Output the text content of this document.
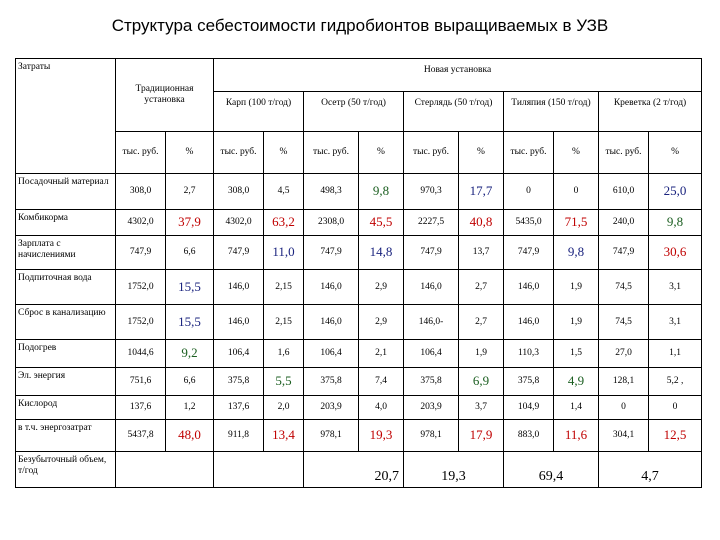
Структура себестоимости гидробионтов выращиваемых в УЗВ
Затраты	Традиционная установка		Новая установка									
			Карп (100 т/год)		Осетр (50 т/год)		Стерлядь (50 т/год)		Тиляпия (150 т/год)		Креветка (2 т/год)	
	тыс. руб.	%	тыс. руб.	%	тыс. руб.	%	тыс. руб.	%	тыс. руб.	%	тыс. руб.	%
Посадочный материал	308,0	2,7	308,0	4,5	498,3	9,8	970,3	17,7	0	0	610,0	25,0
Комбикорма	4302,0	37,9	4302,0	63,2	2308,0	45,5	2227,5	40,8	5435,0	71,5	240,0	9,8
Зарплата с начислениями	747,9	6,6	747,9	11,0	747,9	14,8	747,9	13,7	747,9	9,8	747,9	30,6
Подпиточная вода	1752,0	15,5	146,0	2,15	146,0	2,9	146,0	2,7	146,0	1,9	74,5	3,1
Сброс в канализацию	1752,0	15,5	146,0	2,15	146,0	2,9	146,0-	2,7	146,0	1,9	74,5	3,1
Подогрев	1044,6	9,2	106,4	1,6	106,4	2,1	106,4	1,9	110,3	1,5	27,0	1,1
Эл. энергия	751,6	6,6	375,8	5,5	375,8	7,4	375,8	6,9	375,8	4,9	128,1	5,2 ,
Кислород	137,6	1,2	137,6	2,0	203,9	4,0	203,9	3,7	104,9	1,4	0	0
в т.ч. энергозатрат	5437,8	48,0	911,8	13,4	978,1	19,3	978,1	17,9	883,0	11,6	304,1	12,5
Безубыточный объем, т/год					20,7		19,3		69,4		4,7	
